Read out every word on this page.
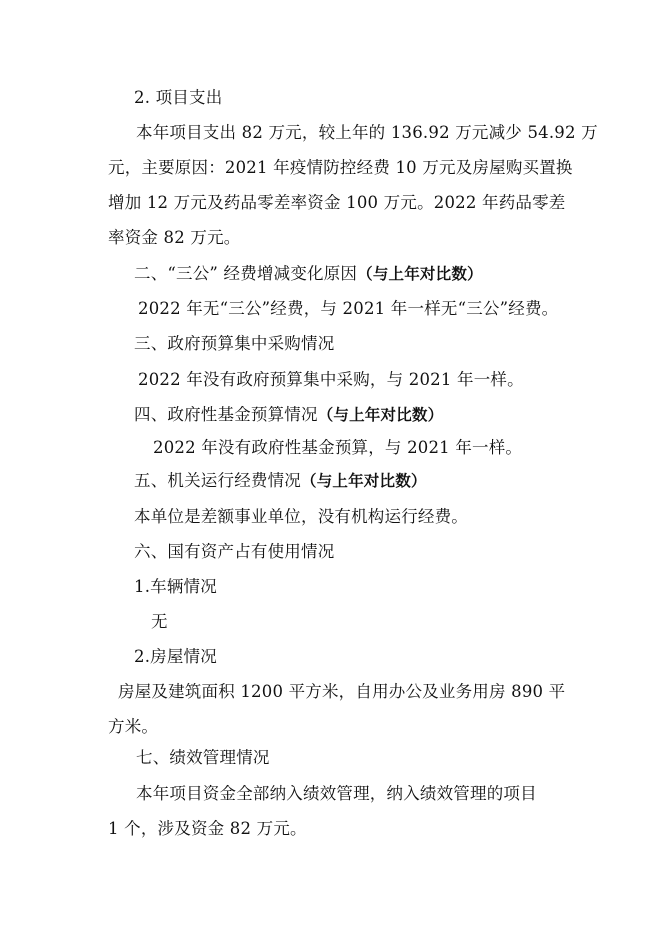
2. 项目支出
本年项目支出 82 万元，较上年的 136.92 万元减少 54.92 万
元，主要原因：2021 年疫情防控经费 10 万元及房屋购买置换
增加 12 万元及药品零差率资金 100 万元。2022 年药品零差
率资金 82 万元。
二、“三公” 经费增减变化原因（与上年对比数）
2022 年无“三公”经费，与 2021 年一样无“三公”经费。
三、政府预算集中采购情况
2022 年没有政府预算集中采购，与 2021 年一样。
四、政府性基金预算情况（与上年对比数）
2022 年没有政府性基金预算，与 2021 年一样。
五、机关运行经费情况（与上年对比数）
本单位是差额事业单位，没有机构运行经费。
六、国有资产占有使用情况
1.车辆情况
无
2.房屋情况
房屋及建筑面积 1200 平方米，自用办公及业务用房 890 平
方米。
七、绩效管理情况
本年项目资金全部纳入绩效管理，纳入绩效管理的项目
1 个，涉及资金 82 万元。
